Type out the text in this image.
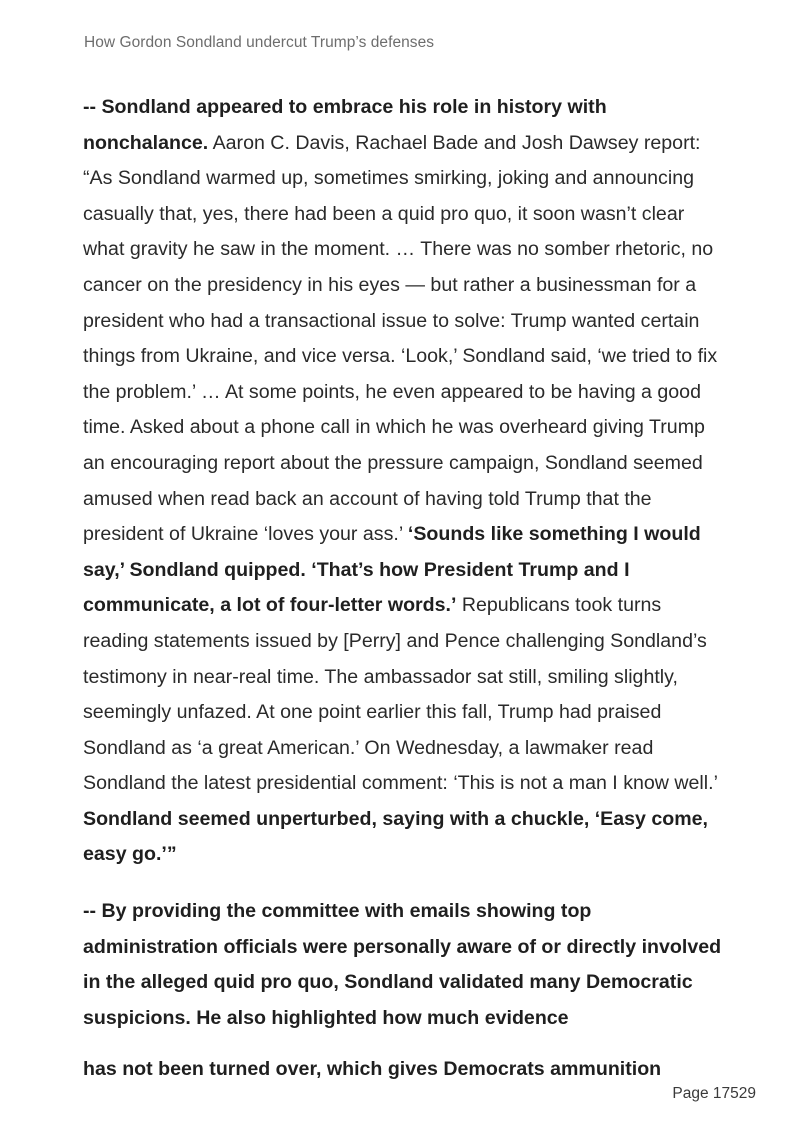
How Gordon Sondland undercut Trump’s defenses

-- Sondland appeared to embrace his role in history with nonchalance. Aaron C. Davis, Rachael Bade and Josh Dawsey report: “As Sondland warmed up, sometimes smirking, joking and announcing casually that, yes, there had been a quid pro quo, it soon wasn’t clear what gravity he saw in the moment. … There was no somber rhetoric, no cancer on the presidency in his eyes — but rather a businessman for a president who had a transactional issue to solve: Trump wanted certain things from Ukraine, and vice versa. ‘Look,’ Sondland said, ‘we tried to fix the problem.’ … At some points, he even appeared to be having a good time. Asked about a phone call in which he was overheard giving Trump an encouraging report about the pressure campaign, Sondland seemed amused when read back an account of having told Trump that the president of Ukraine ‘loves your ass.’ ‘Sounds like something I would say,’ Sondland quipped. ‘That’s how President Trump and I communicate, a lot of four-letter words.’ Republicans took turns reading statements issued by [Perry] and Pence challenging Sondland’s testimony in near-real time. The ambassador sat still, smiling slightly, seemingly unfazed. At one point earlier this fall, Trump had praised Sondland as ‘a great American.’ On Wednesday, a lawmaker read Sondland the latest presidential comment: ‘This is not a man I know well.’ Sondland seemed unperturbed, saying with a chuckle, ‘Easy come, easy go.’”

-- By providing the committee with emails showing top administration officials were personally aware of or directly involved in the alleged quid pro quo, Sondland validated many Democratic suspicions. He also highlighted how much evidence

has not been turned over, which gives Democrats ammunition
Page 17529
